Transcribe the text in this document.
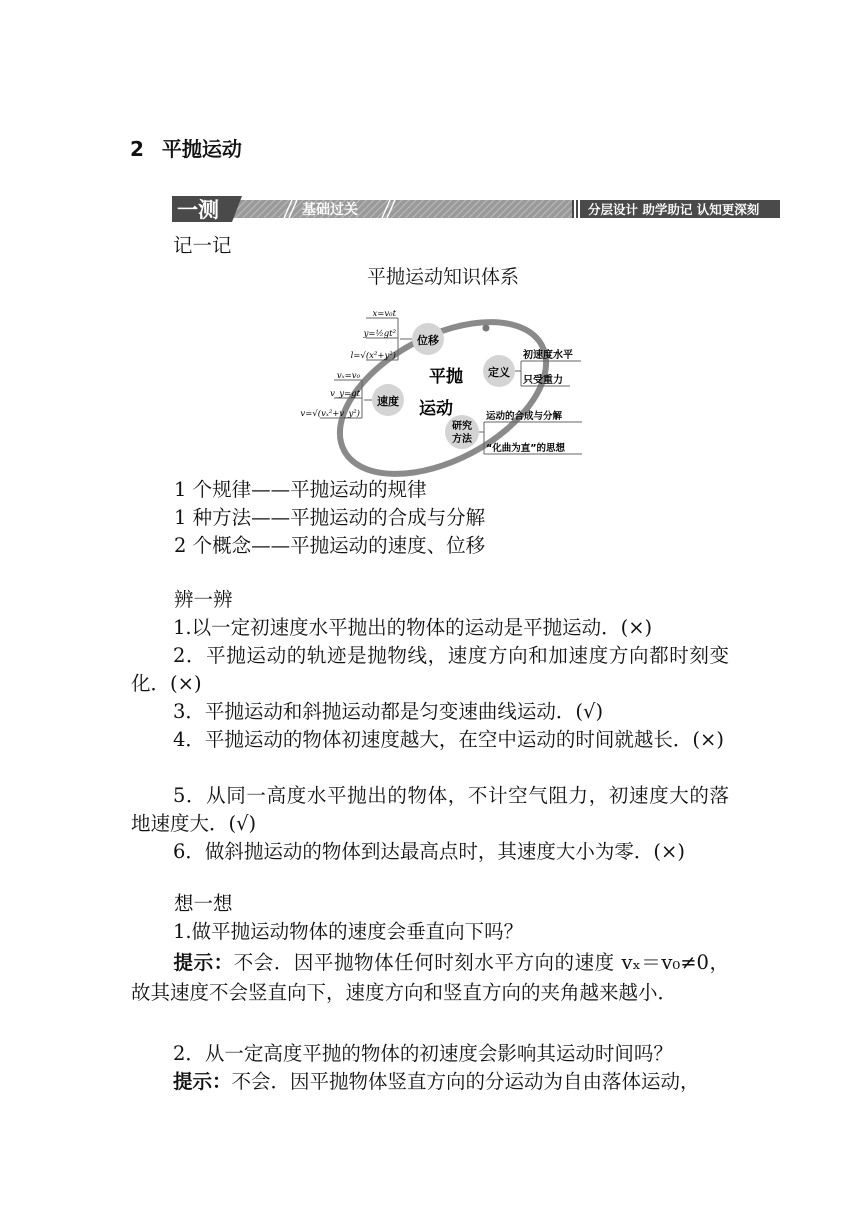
2 平抛运动
一测	基础过关	分层设计 助学助记 认知更深刻
记一记
平抛运动知识体系
平抛
运动
位移
x=v₀t
y=½gt²
l=√(x²+y²)
速度
vₓ=v₀
v_y=gt
v=√(vₓ²+v_y²)
定义
初速度水平
只受重力
研究
方法
运动的合成与分解
“化曲为直”的思想
1 个规律——平抛运动的规律
1 种方法——平抛运动的合成与分解
2 个概念——平抛运动的速度、位移
辨一辨
1.以一定初速度水平抛出的物体的运动是平抛运动．(×)
2．平抛运动的轨迹是抛物线，速度方向和加速度方向都时刻变化．(×)
3．平抛运动和斜抛运动都是匀变速曲线运动．(√)
4．平抛运动的物体初速度越大，在空中运动的时间就越长．(×)
5．从同一高度水平抛出的物体，不计空气阻力，初速度大的落地速度大．(√)
6．做斜抛运动的物体到达最高点时，其速度大小为零．(×)
想一想
1.做平抛运动物体的速度会垂直向下吗？
提示：不会．因平抛物体任何时刻水平方向的速度 vₓ＝v₀≠0，故其速度不会竖直向下，速度方向和竖直方向的夹角越来越小．
2．从一定高度平抛的物体的初速度会影响其运动时间吗？
提示：不会．因平抛物体竖直方向的分运动为自由落体运动，
